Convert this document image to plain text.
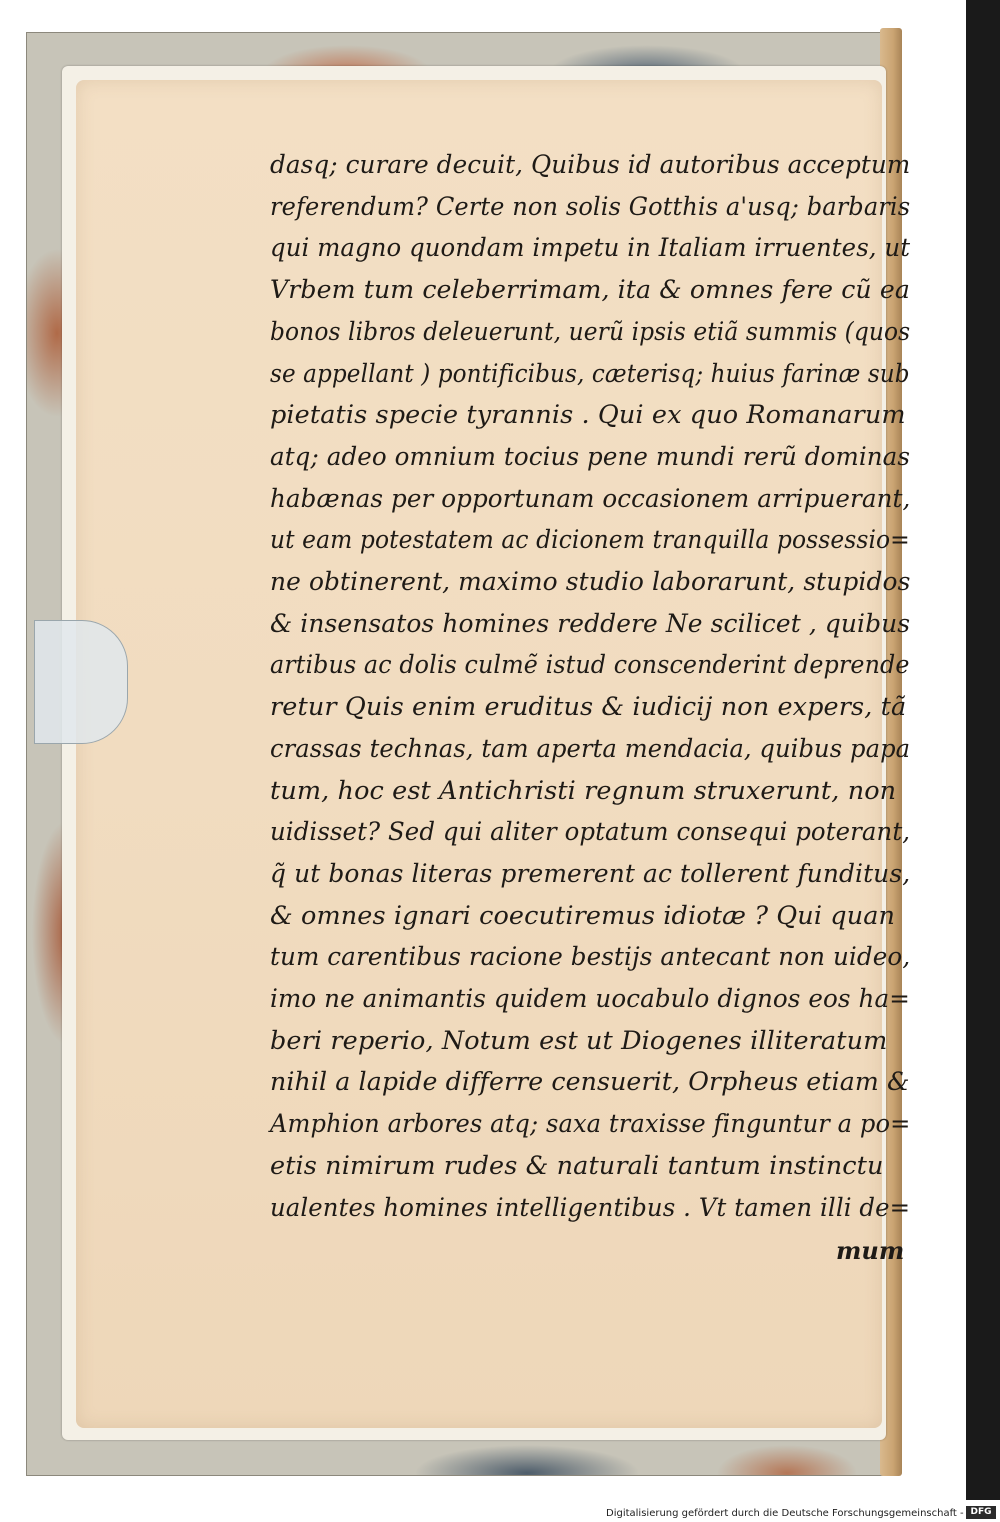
dasq; curare decuit, Quibus id autoribus acceptum
referendum? Certe non solis Gotthis a'usq; barbaris
qui magno quondam impetu in Italiam irruentes, ut
Vrbem tum celeberrimam, ita & omnes fere cũ ea
bonos libros deleuerunt, uerũ ipsis etiã summis (quos
se appellant ) pontificibus, cæterisq; huius farinæ sub
pietatis specie tyrannis . Qui ex quo Romanarum
atq; adeo omnium tocius pene mundi rerũ dominas
habænas per opportunam occasionem arripuerant,
ut eam potestatem ac dicionem tranquilla possessio=
ne obtinerent, maximo studio laborarunt, stupidos
& insensatos homines reddere Ne scilicet , quibus
artibus ac dolis culmẽ istud conscenderint deprende
retur Quis enim eruditus & iudicij non expers, tã
crassas technas, tam aperta mendacia, quibus papa
tum, hoc est Antichristi regnum struxerunt, non
uidisset? Sed qui aliter optatum consequi poterant,
q̃ ut bonas literas premerent ac tollerent funditus,
& omnes ignari coecutiremus idiotæ ? Qui quan
tum carentibus racione bestijs antecant non uideo,
imo ne animantis quidem uocabulo dignos eos ha=
beri reperio, Notum est ut Diogenes illiteratum
nihil a lapide differre censuerit, Orpheus etiam &
Amphion arbores atq; saxa traxisse finguntur a po=
etis nimirum rudes & naturali tantum instinctu
ualentes homines intelligentibus . Vt tamen illi de=
mum
Digitalisierung gefördert durch die Deutsche Forschungsgemeinschaft - DFG
